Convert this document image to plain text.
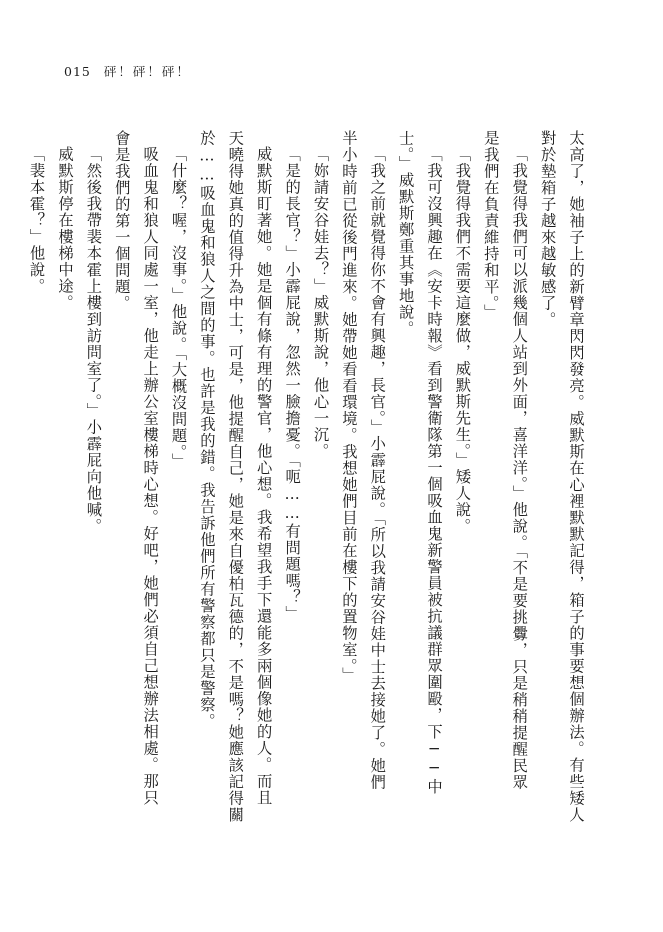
015 砰！砰！砰！
太高了，她袖子上的新臂章閃閃發亮。威默斯在心裡默默記得，箱子的事要想個辦法。有些矮人
對於墊箱子越來越敏感了。
「我覺得我們可以派幾個人站到外面，喜洋洋。」他說。「不是要挑釁，只是稍稍提醒民眾
是我們在負責維持和平。」
「我覺得我們不需要這麼做，威默斯先生。」矮人說。
「我可沒興趣在《安卡時報》看到警衛隊第一個吸血鬼新警員被抗議群眾圍毆，下──中
士。」威默斯鄭重其事地說。
「我之前就覺得你不會有興趣，長官。」小霹屁說。「所以我請安谷娃中士去接她了。她們
半小時前已從後門進來。她帶她看看環境。我想她們目前在樓下的置物室。」
「妳請安谷娃去？」威默斯說，他心一沉。
「是的長官？」小霹屁說，忽然一臉擔憂。「呃……有問題嗎？」
威默斯盯著她。她是個有條有理的警官，他心想。我希望我手下還能多兩個像她的人。而且
天曉得她真的值得升為中士，可是，他提醒自己，她是來自優柏瓦德的，不是嗎？她應該記得關
於……吸血鬼和狼人之間的事。也許是我的錯。我告訴他們所有警察都只是警察。
「什麼？喔，沒事。」他說。「大概沒問題。」
吸血鬼和狼人同處一室，他走上辦公室樓梯時心想。好吧，她們必須自己想辦法相處。那只
會是我們的第一個問題。
「然後我帶裴本霍上樓到訪問室了。」小霹屁向他喊。
威默斯停在樓梯中途。
「裴本霍？」他說。
